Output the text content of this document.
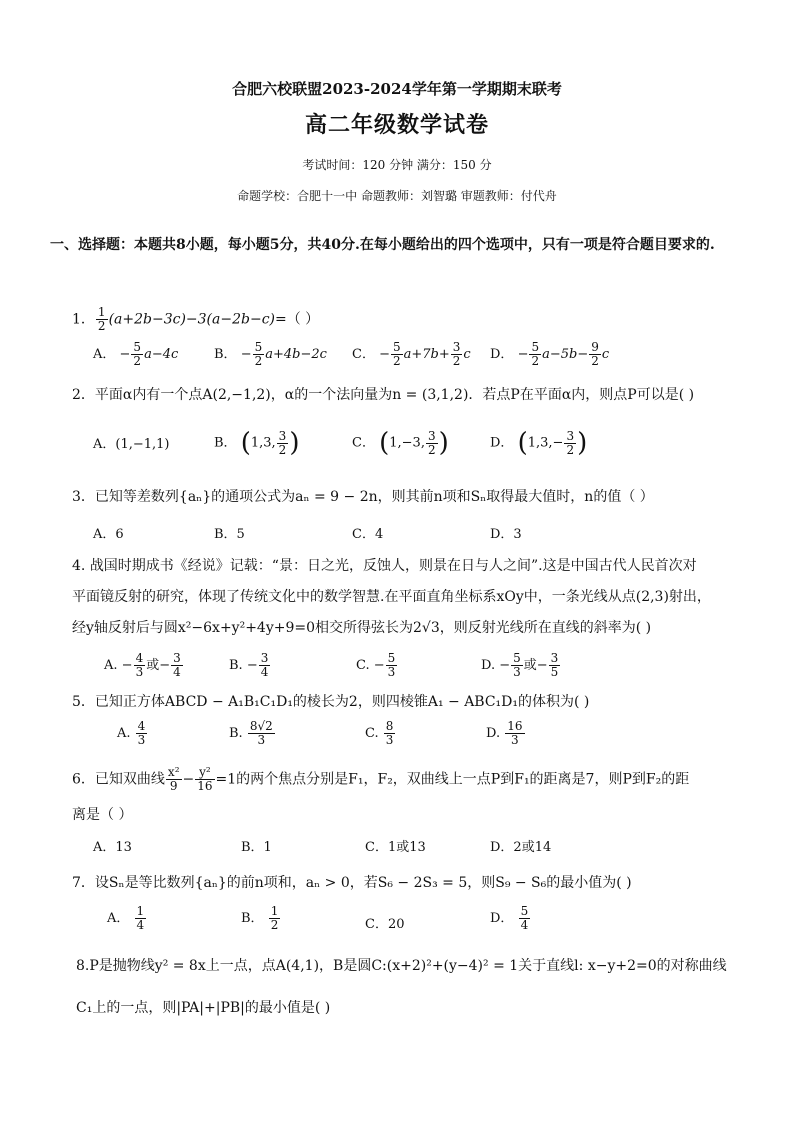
合肥六校联盟2023-2024学年第一学期期末联考
高二年级数学试卷
考试时间：120 分钟 满分：150 分
命题学校：合肥十一中 命题教师：刘智璐 审题教师：付代舟
一、选择题：本题共8小题，每小题5分，共40分.在每小题给出的四个选项中，只有一项是符合题目要求的.
1． $\frac{1}{2} (a+2b-3c)-3(a-2b-c)=$（ ）
A． − $\frac{5}{2} a-4c$	B． − $\frac{5}{2} a+4b-2c$ C． − $\frac{5}{2} a+7b+ \frac{3}{2}$ c D． − $\frac{5}{2} a-5b- \frac{9}{2}$ c
2．平面α内有一个点A(2,−1,2)，α的一个法向量为n = (3,1,2)．若点P在平面α内，则点P可以是( )
A．(1,−1,1)	B． (1,3, $\frac{3}{2}$ )	C． (1,−3, $\frac{3}{2}$ )	D． ($1,3,- \frac{3}{2}$ )
3．已知等差数列{aₙ}的通项公式为aₙ = 9 − 2n，则其前n项和Sₙ取得最大值时，n的值（ ）
A．6	B．5	C．4	D．3
4. 战国时期成书《经说》记载：“景：日之光，反蚀人，则景在日与人之间”.这是中国古代人民首次对
平面镜反射的研究，体现了传统文化中的数学智慧.在平面直角坐标系xOy中，一条光线从点(2,3)射出，
经y轴反射后与圆x²−6x+y²+4y+9=0相交所得弦长为2√3，则反射光线所在直线的斜率为( )
A. − $\frac{4}{3}$ 或− $\frac{3}{4}$	B. − $\frac{3}{4}$	C. − $\frac{5}{3}$	D. − $\frac{5}{3}$ 或− $\frac{3}{5}$
5．已知正方体ABCD − A₁B₁C₁D₁的棱长为2，则四棱锥A₁ − ABC₁D₁的体积为( )
A. $\frac{4}{3}$	B. $\frac{8√2}{3}$	C. $\frac{8}{3}$	D. $\frac{16}{3}$
6．已知双曲线 $\frac{\text{x²}}{9} - \frac{\text{y²}}{16} =1$的两个焦点分别是F₁，F₂，双曲线上一点P到F₁的距离是7，则P到F₂的距
离是（ ）
A．13	B．1	C．1或13	D．2或14
7．设Sₙ是等比数列{aₙ}的前n项和，aₙ > 0，若S₆ − 2S₃ = 5，则S₉ − S₆的最小值为( )
A． $\frac{1}{4}$	B． $\frac{1}{2}$	C．20	D． $\frac{5}{4}$
8.P是抛物线y² = 8x上一点，点A(4,1)，B是圆C:(x+2)²+(y−4)² = 1关于直线l: x−y+2=0的对称曲线
C₁上的一点，则|PA|+|PB|的最小值是( )
